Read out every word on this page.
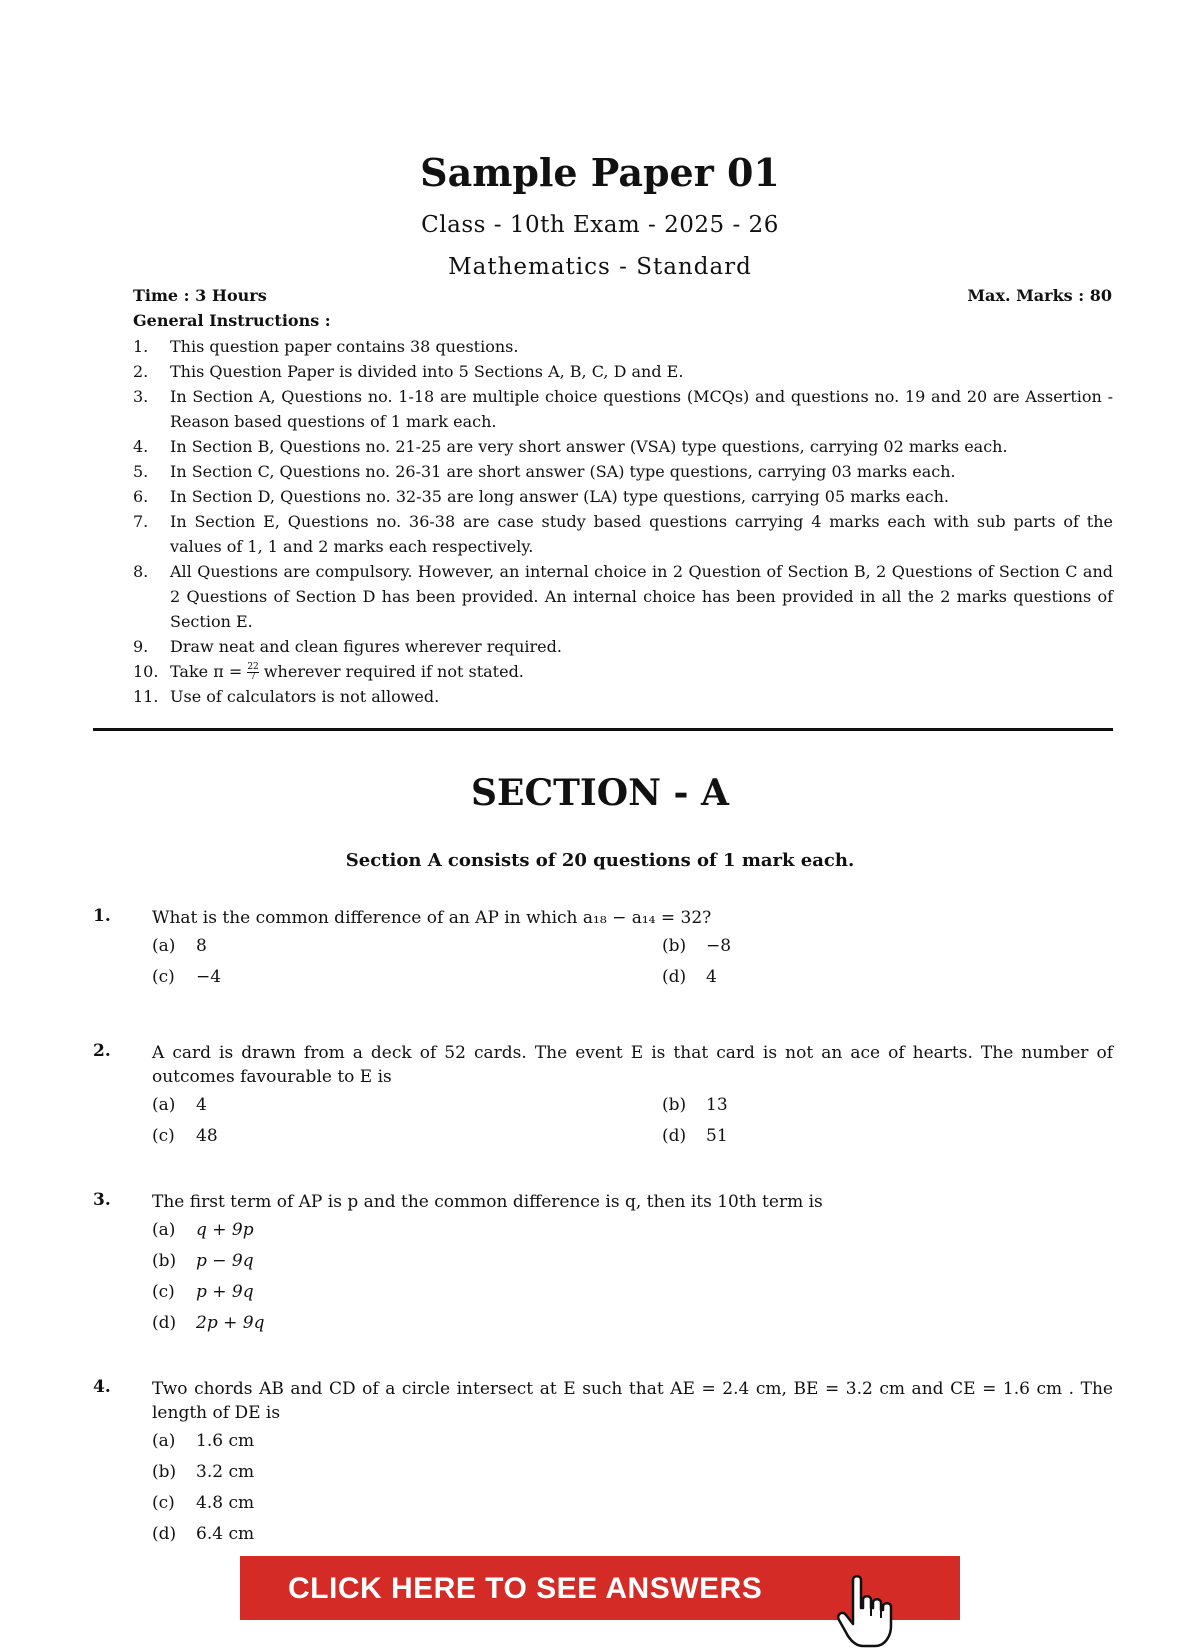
Sample Paper 01
Class - 10th Exam - 2025 - 26
Mathematics - Standard
Time : 3 Hours	Max. Marks : 80
General Instructions :
1.	This question paper contains 38 questions.
2.	This Question Paper is divided into 5 Sections A, B, C, D and E.
3.	In Section A, Questions no. 1-18 are multiple choice questions (MCQs) and questions no. 19 and 20 are Assertion - Reason based questions of 1 mark each.
4.	In Section B, Questions no. 21-25 are very short answer (VSA) type questions, carrying 02 marks each.
5.	In Section C, Questions no. 26-31 are short answer (SA) type questions, carrying 03 marks each.
6.	In Section D, Questions no. 32-35 are long answer (LA) type questions, carrying 05 marks each.
7.	In Section E, Questions no. 36-38 are case study based questions carrying 4 marks each with sub parts of the values of 1, 1 and 2 marks each respectively.
8.	All Questions are compulsory. However, an internal choice in 2 Question of Section B, 2 Questions of Section C and 2 Questions of Section D has been provided. An internal choice has been provided in all the 2 marks questions of Section E.
9.	Draw neat and clean figures wherever required.
10. Take $\pi = \frac{22}{7}$ wherever required if not stated.
11. Use of calculators is not allowed.
SECTION - A
Section A consists of 20 questions of 1 mark each.
1. What is the common difference of an AP in which a₁₈ − a₁₄ = 32?
(a) 8	(b) −8
(c) −4	(d) 4
2. A card is drawn from a deck of 52 cards. The event E is that card is not an ace of hearts. The number of outcomes favourable to E is
(a) 4	(b) 13
(c) 48	(d) 51
3. The first term of AP is p and the common difference is q, then its 10th term is
(a)	q + 9p
(b)	p − 9q
(c)	p + 9q
(d)	2p + 9q
4. Two chords AB and CD of a circle intersect at E such that AE = 2.4 cm, BE = 3.2 cm and CE = 1.6 cm . The length of DE is
(a)	1.6 cm
(b)	3.2 cm
(c)	4.8 cm
(d)	6.4 cm
CLICK HERE TO SEE ANSWERS
